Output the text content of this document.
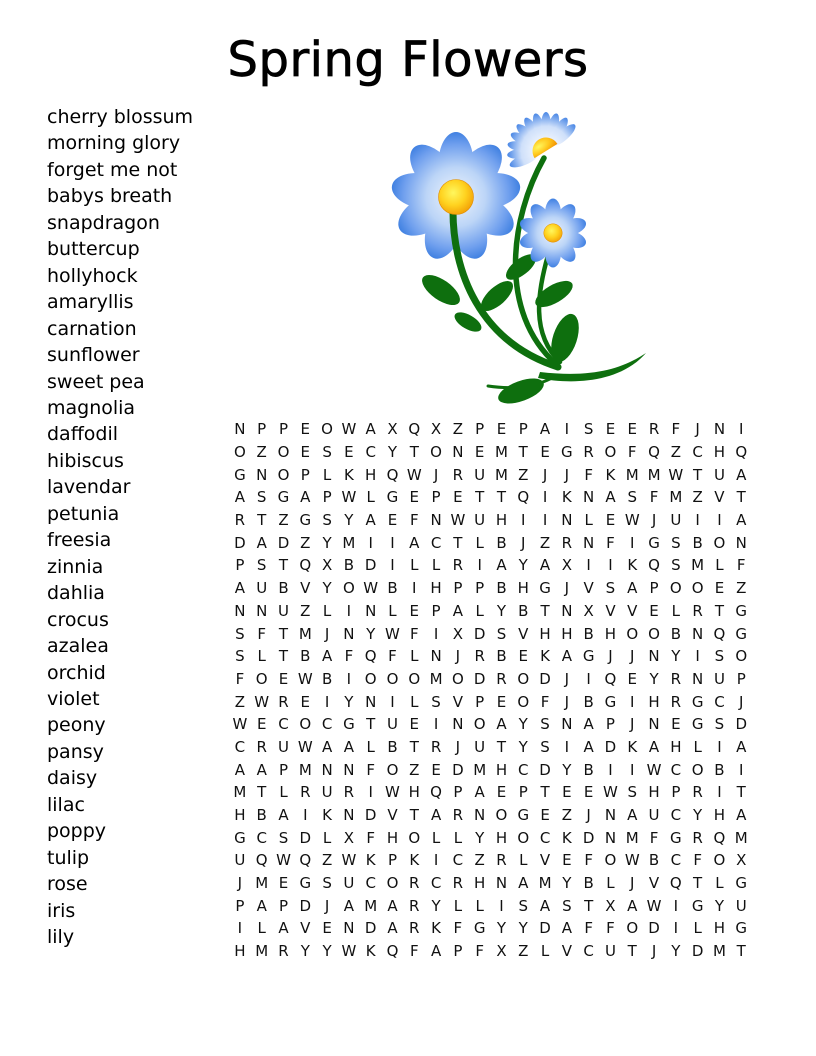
Spring Flowers
cherry blossum
morning glory
forget me not
babys breath
snapdragon
buttercup
hollyhock
amaryllis
carnation
sunflower
sweet pea
magnolia
daffodil
hibiscus
lavendar
petunia
freesia
zinnia
dahlia
crocus
azalea
orchid
violet
peony
pansy
daisy
lilac
poppy
tulip
rose
iris
lily
N P P E O W A X Q X Z P E P A I S E E R F	J N I
O Z O E S E C Y T O N E M T E G R O F Q Z C H Q
G N O P L K H Q W J R U M Z J	J	F K M M W T U A
A S G A P W L G E P E T T Q I K N A S F M Z V T
R T Z G S Y A E F N W U H I	I N L E W J U I	I A
D A D Z Y M I	I A C T L B J Z R N F	I G S B O N
P S T Q X B D I	L L R I A Y A X I	I K Q S M L F
A U B V Y O W B I H P P B H G J V S A P O O E Z
N N U Z L	I N L E P A L Y B T N X V V E L R T G
S F T M J N Y W F	I X D S V H H B H O O B N Q G
S L T B A F Q F L N J R B E K A G J	J N Y I S O
F O E W B I O O O M O D R O D J	I Q E Y R N U P
Z W R E I	Y N I	L S V P E O F	J B G I H R G C J
W E C O C G T U E I N O A Y S N A P	J N E G S D
C R U W A A L B T R J U T Y S I A D K A H L	I A
A A P M N N F O Z E D M H C D Y B I	I W C O B I
M T L R U R I W H Q P A E P T E E W S H P R I	T
H B A I K N D V T A R N O G E Z J N A U C Y H A
G C S D L X F H O L L Y H O C K D N M F G R Q M
U Q W Q Z W K P K I C Z R L V E F O W B C F O X
J M E G S U C O R C R H N A M Y B L	J V Q T L G
P A P D J A M A R Y L L	I S A S T X A W I G Y U
I	L A V E N D A R K F G Y Y D A F F O D I	L H G
H M R Y Y W K Q F A P F X Z L V C U T J	Y D M T
